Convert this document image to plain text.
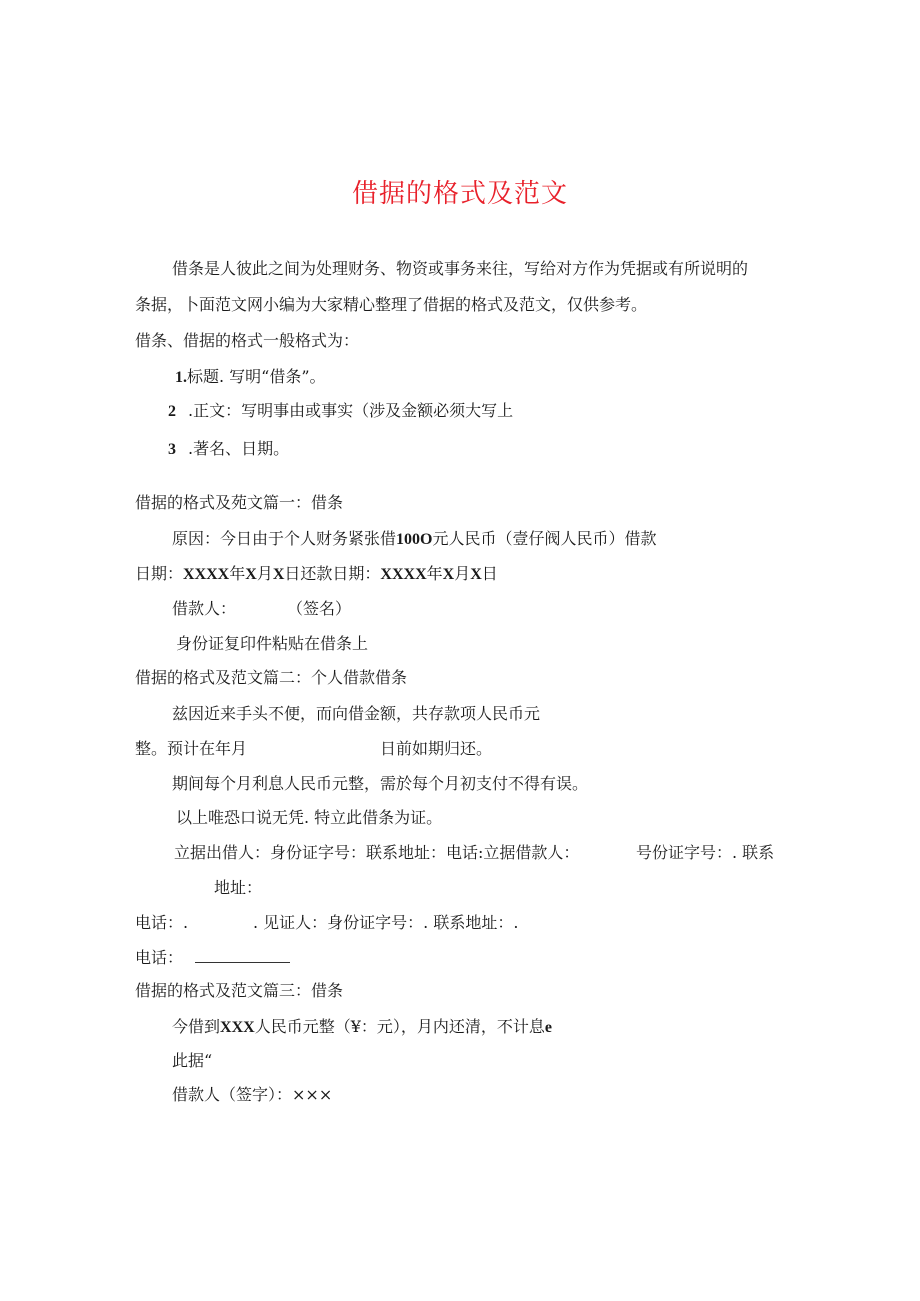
借据的格式及范文
借条是人彼此之间为处理财务、物资或事务来往，写给对方作为凭据或有所说明的
条据，卜面范文网小编为大家精心整理了借据的格式及范文，仅供参考。
借条、借据的格式一般格式为：
1.标题. 写明“借条”。
2 .正文：写明事由或事实（涉及金额必须大写上
3 .著名、日期。
借据的格式及苑文篇一：借条
原因：今日由于个人财务紧张借100O元人民币（壹仔阀人民币）借款
日期：XXXX年X月X日还款日期：XXXX年X月X日
借款人：	（签名）
身份证复印件粘贴在借条上
借据的格式及范文篇二：个人借款借条
兹因近来手头不便，而向借金额，共存款项人民币元
整。预计在年月	日前如期归还。
期间每个月利息人民币元整，需於每个月初支付不得有误。
以上唯恐口说无凭. 特立此借条为证。
立据出借人：身份证字号：联系地址：电话:立据借款人：	号份证字号：. 联系
地址：
电话：.	. 见证人：身份证字号：. 联系地址：.
电话：
借据的格式及范文篇三：借条
今借到XXX人民币元整（¥：元），月内还清，不计息e
此据“
借款人（签字）：×××
